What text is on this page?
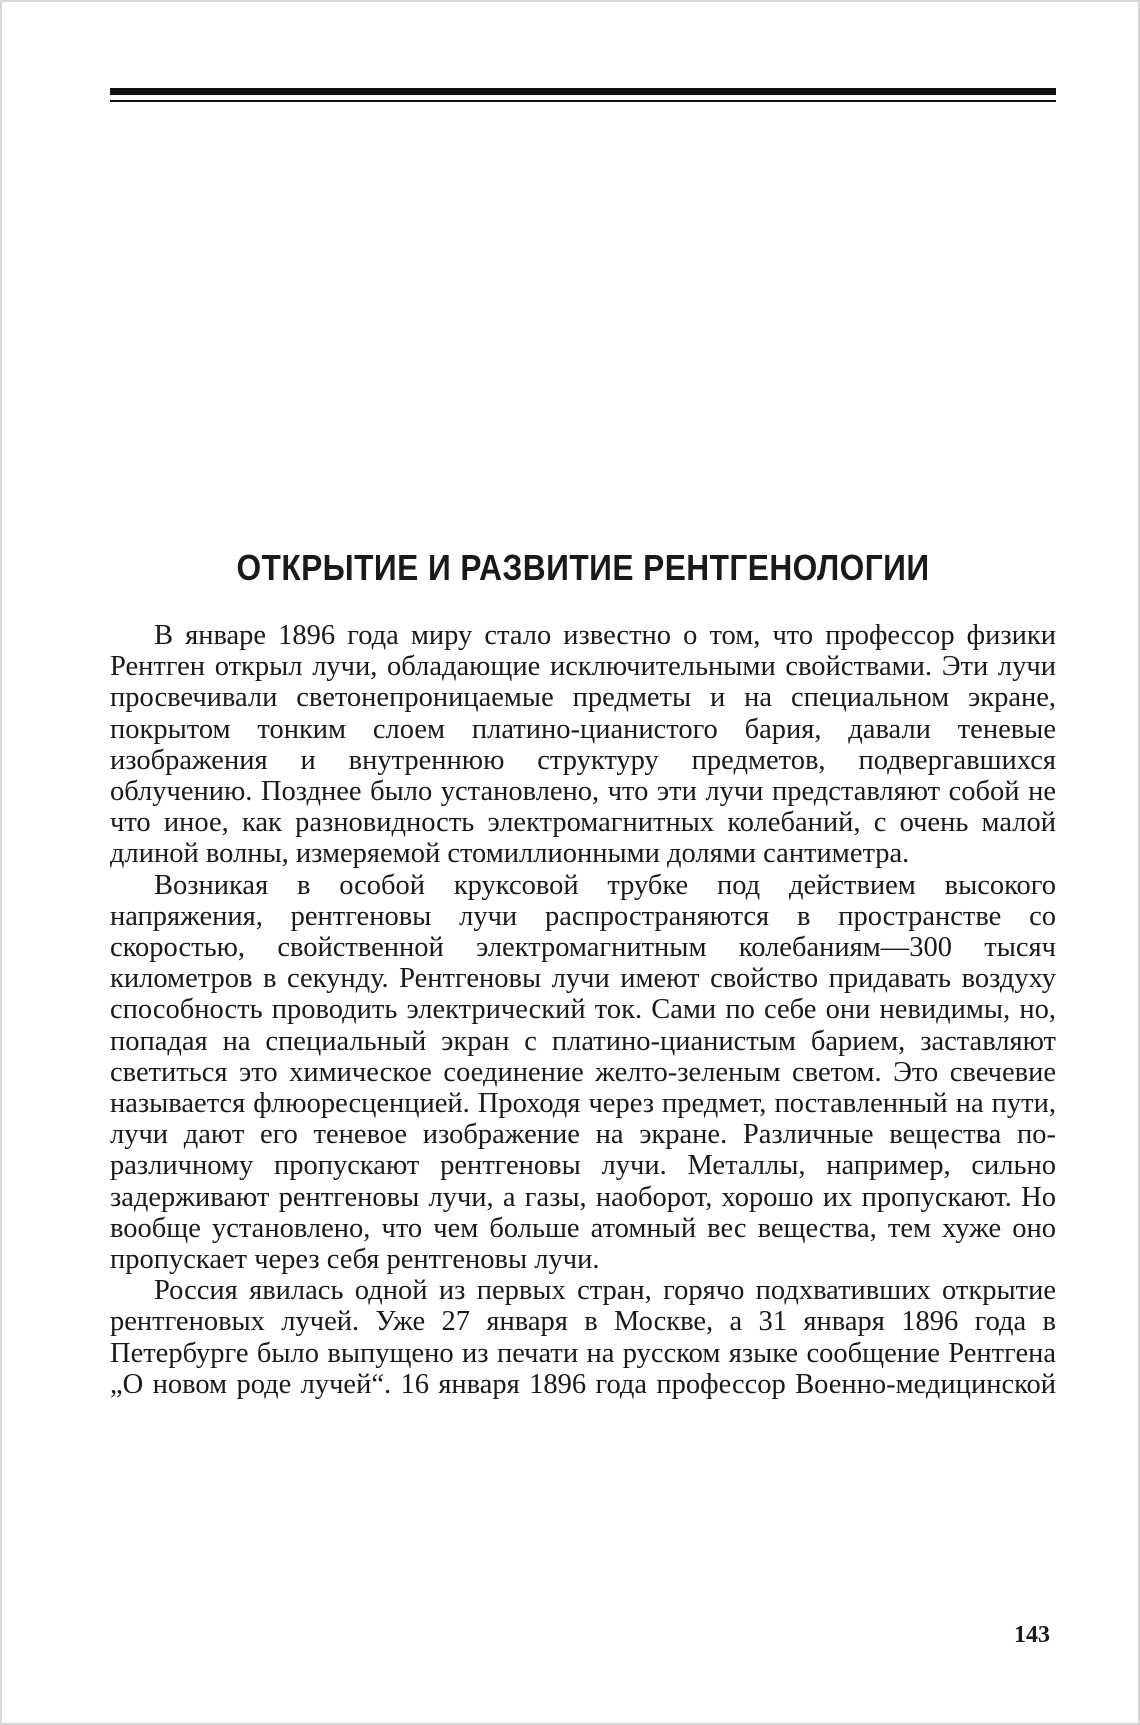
ОТКРЫТИЕ И РАЗВИТИЕ РЕНТГЕНОЛОГИИ

В январе 1896 года миру стало известно о том, что профессор физики Рентген открыл лучи, обладающие исключительными свойствами. Эти лучи просвечивали светонепроницаемые предметы и на специальном экране, покрытом тонким слоем платино-цианистого бария, давали теневые изображения и внутреннюю структуру предметов, подвергавшихся облучению. Позднее было установлено, что эти лучи представляют собой не что иное, как разновидность электромагнитных колебаний, с очень малой длиной волны, измеряемой стомиллионными долями сантиметра.

Возникая в особой круксовой трубке под действием высокого напряжения, рентгеновы лучи распространяются в пространстве со скоростью, свойственной электромагнитным колебаниям—300 тысяч километров в секунду. Рентгеновы лучи имеют свойство придавать воздуху способность проводить электрический ток. Сами по себе они невидимы, но, попадая на специальный экран с платино-цианистым барием, заставляют светиться это химическое соединение желто-зеленым светом. Это свечевие называется флюоресценцией. Проходя через предмет, поставленный на пути, лучи дают его теневое изображение на экране. Различные вещества по-различному пропускают рентгеновы лучи. Металлы, например, сильно задерживают рентгеновы лучи, а газы, наоборот, хорошо их пропускают. Но вообще установлено, что чем больше атомный вес вещества, тем хуже оно пропускает через себя рентгеновы лучи.

Россия явилась одной из первых стран, горячо подхвативших открытие рентгеновых лучей. Уже 27 января в Москве, а 31 января 1896 года в Петербурге было выпущено из печати на русском языке сообщение Рентгена „О новом роде лучей“. 16 января 1896 года профессор Военно-медицинской

143
